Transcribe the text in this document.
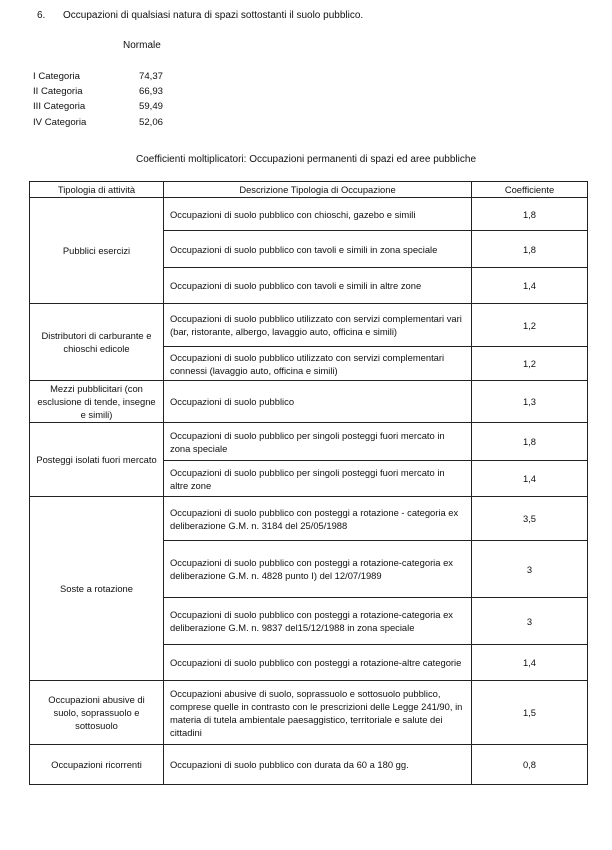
6. Occupazioni di qualsiasi natura di spazi sottostanti il suolo pubblico.
Normale
I Categoria	74,37
II Categoria	66,93
III Categoria	59,49
IV Categoria	52,06
Coefficienti moltiplicatori: Occupazioni permanenti di spazi ed aree pubbliche
Tipologia di attività	Descrizione Tipologia di Occupazione	Coefficiente
Pubblici esercizi	Occupazioni di suolo pubblico con chioschi, gazebo e simili	1,8
	Occupazioni di suolo pubblico con tavoli e simili in zona speciale	1,8
	Occupazioni di suolo pubblico con tavoli e simili in altre zone	1,4
Distributori di carburante e chioschi edicole	Occupazioni di suolo pubblico utilizzato con servizi complementari vari (bar, ristorante, albergo, lavaggio auto, officina e simili)	1,2
	Occupazioni di suolo pubblico utilizzato con servizi complementari connessi (lavaggio auto, officina e simili)	1,2
Mezzi pubblicitari (con esclusione di tende, insegne e simili)	Occupazioni di suolo pubblico	1,3
Posteggi isolati fuori mercato	Occupazioni di suolo pubblico per singoli posteggi fuori mercato in zona speciale	1,8
	Occupazioni di suolo pubblico per singoli posteggi fuori mercato in altre zone	1,4
Soste a rotazione	Occupazioni di suolo pubblico con posteggi a rotazione - categoria ex deliberazione G.M. n. 3184 del 25/05/1988	3,5
	Occupazioni di suolo pubblico con posteggi a rotazione-categoria ex deliberazione G.M. n. 4828 punto I) del 12/07/1989	3
	Occupazioni di suolo pubblico con posteggi a rotazione-categoria ex deliberazione G.M. n. 9837 del15/12/1988 in zona speciale	3
	Occupazioni di suolo pubblico con posteggi a rotazione-altre categorie	1,4
Occupazioni abusive di suolo, soprassuolo e sottosuolo	Occupazioni abusive di suolo, soprassuolo e sottosuolo pubblico, comprese quelle in contrasto con le prescrizioni delle Legge 241/90, in materia di tutela ambientale paesaggistico, territoriale e salute dei cittadini	1,5
Occupazioni ricorrenti	Occupazioni di suolo pubblico con durata da 60 a 180 gg.	0,8
